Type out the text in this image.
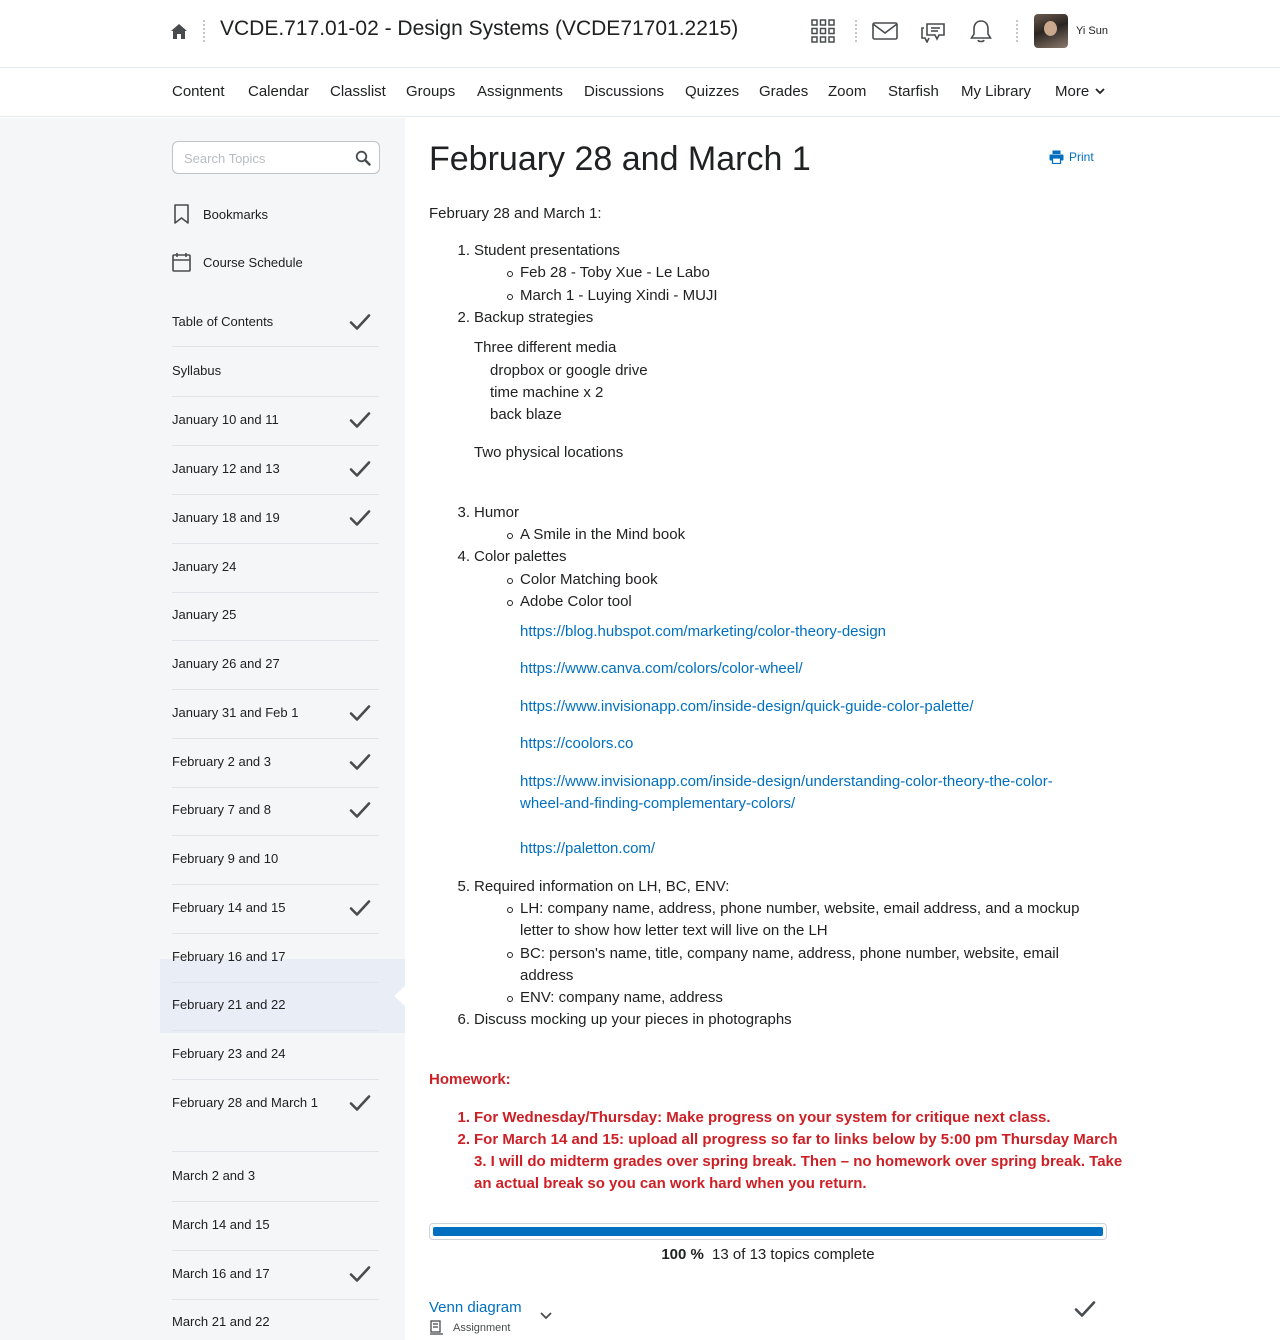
VCDE.717.01-02 - Design Systems (VCDE71701.2215)	Yi Sun
Content Calendar Classlist Groups Assignments Discussions Quizzes Grades Zoom Starfish My Library More
Search Topics
Bookmarks
Course Schedule
Table of Contents
Syllabus
January 10 and 11
January 12 and 13
January 18 and 19
January 24
January 25
January 26 and 27
January 31 and Feb 1
February 2 and 3
February 7 and 8
February 9 and 10
February 14 and 15
February 16 and 17
February 21 and 22
February 23 and 24
February 28 and March 1
March 2 and 3
March 14 and 15
March 16 and 17
March 21 and 22
February 28 and March 1	Print
February 28 and March 1:
1. Student presentations
Feb 28 - Toby Xue - Le Labo
March 1 - Luying Xindi - MUJI
2. Backup strategies
Three different media
dropbox or google drive
time machine x 2
back blaze
Two physical locations
3. Humor
A Smile in the Mind book
4. Color palettes
Color Matching book
Adobe Color tool
https://blog.hubspot.com/marketing/color-theory-design
https://www.canva.com/colors/color-wheel/
https://www.invisionapp.com/inside-design/quick-guide-color-palette/
https://coolors.co
https://www.invisionapp.com/inside-design/understanding-color-theory-the-color-
wheel-and-finding-complementary-colors/
https://paletton.com/
5. Required information on LH, BC, ENV:
LH: company name, address, phone number, website, email address, and a mockup
letter to show how letter text will live on the LH
BC: person's name, title, company name, address, phone number, website, email
address
ENV: company name, address
6. Discuss mocking up your pieces in photographs
Homework:
1. For Wednesday/Thursday: Make progress on your system for critique next class.
2. For March 14 and 15: upload all progress so far to links below by 5:00 pm Thursday March
3. I will do midterm grades over spring break. Then – no homework over spring break. Take
an actual break so you can work hard when you return.
100 % 13 of 13 topics complete
Venn diagram
Assignment
